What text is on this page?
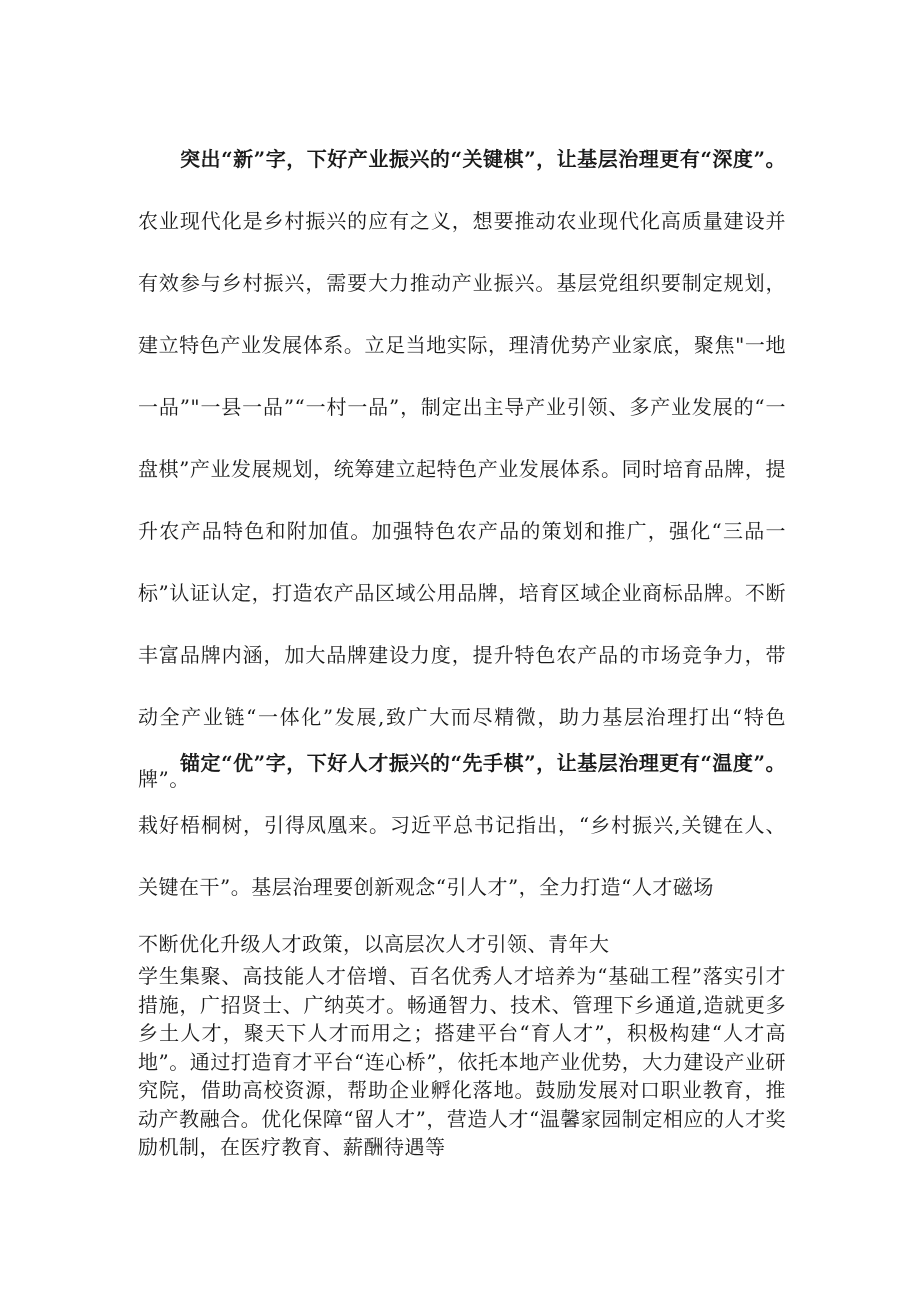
突出“新”字，下好产业振兴的“关键棋”，让基层治理更有“深度”。农业现代化是乡村振兴的应有之义，想要推动农业现代化高质量建设并有效参与乡村振兴，需要大力推动产业振兴。基层党组织要制定规划，建立特色产业发展体系。立足当地实际，理清优势产业家底，聚焦"一地一品”"一县一品”“一村一品”，制定出主导产业引领、多产业发展的“一盘棋”产业发展规划，统筹建立起特色产业发展体系。同时培育品牌，提升农产品特色和附加值。加强特色农产品的策划和推广，强化“三品一标”认证认定，打造农产品区域公用品牌，培育区域企业商标品牌。不断丰富品牌内涵，加大品牌建设力度，提升特色农产品的市场竞争力，带动全产业链“一体化”发展,致广大而尽精微，助力基层治理打出“特色牌”。

锚定“优”字，下好人才振兴的“先手棋”，让基层治理更有“温度”。栽好梧桐树，引得凤凰来。习近平总书记指出，“乡村振兴,关键在人、关键在干”。基层治理要创新观念“引人才”，全力打造“人才磁场

不断优化升级人才政策，以高层次人才引领、青年大

学生集聚、高技能人才倍增、百名优秀人才培养为“基础工程”落实引才措施，广招贤士、广纳英才。畅通智力、技术、管理下乡通道,造就更多乡土人才，聚天下人才而用之；搭建平台“育人才”，积极构建“人才高地”。通过打造育才平台“连心桥”，依托本地产业优势，大力建设产业研究院，借助高校资源，帮助企业孵化落地。鼓励发展对口职业教育，推动产教融合。优化保障“留人才”，营造人才“温馨家园制定相应的人才奖励机制，在医疗教育、薪酬待遇等
